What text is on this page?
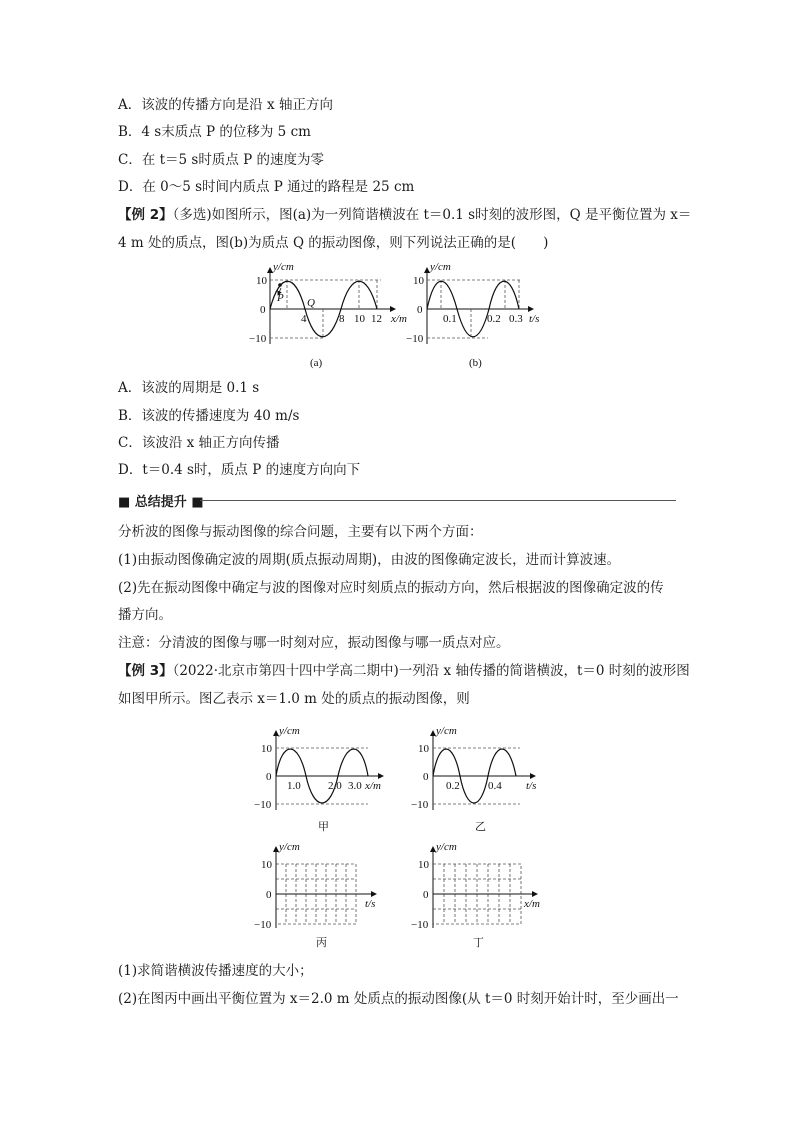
A．该波的传播方向是沿 x 轴正方向
B．4 s末质点 P 的位移为 5 cm
C．在 t＝5 s时质点 P 的速度为零
D．在 0～5 s时间内质点 P 通过的路程是 25 cm
【例 2】（多选)如图所示，图(a)为一列简谐横波在 t＝0.1 s时刻的波形图，Q 是平衡位置为 x＝
4 m 处的质点，图(b)为质点 Q 的振动图像，则下列说法正确的是(　　)
y/cm
P Q
10
0
−10
4	8 10 12 x/m
(a)
y/cm
10
0
−10
0.1	0.2 0.3 t/s
(b)
A．该波的周期是 0.1 s
B．该波的传播速度为 40 m/s
C．该波沿 x 轴正方向传播
D．t＝0.4 s时，质点 P 的速度方向向下
■ 总结提升 ■
分析波的图像与振动图像的综合问题，主要有以下两个方面：
(1)由振动图像确定波的周期(质点振动周期)，由波的图像确定波长，进而计算波速。
(2)先在振动图像中确定与波的图像对应时刻质点的振动方向，然后根据波的图像确定波的传
播方向。
注意：分清波的图像与哪一时刻对应，振动图像与哪一质点对应。
【例 3】（2022·北京市第四十四中学高二期中)一列沿 x 轴传播的简谐横波，t＝0 时刻的波形图
如图甲所示。图乙表示 x＝1.0 m 处的质点的振动图像，则
y/cm
10
0
−10
1.0 2.0 3.0 x/m
甲
y/cm
10
0
−10
0.2	0.4 t/s
乙
y/cm
10
0
−10
t/s
丙
y/cm
10
0
−10
x/m
丁
(1)求简谐横波传播速度的大小；
(2)在图丙中画出平衡位置为 x＝2.0 m 处质点的振动图像(从 t＝0 时刻开始计时，至少画出一
